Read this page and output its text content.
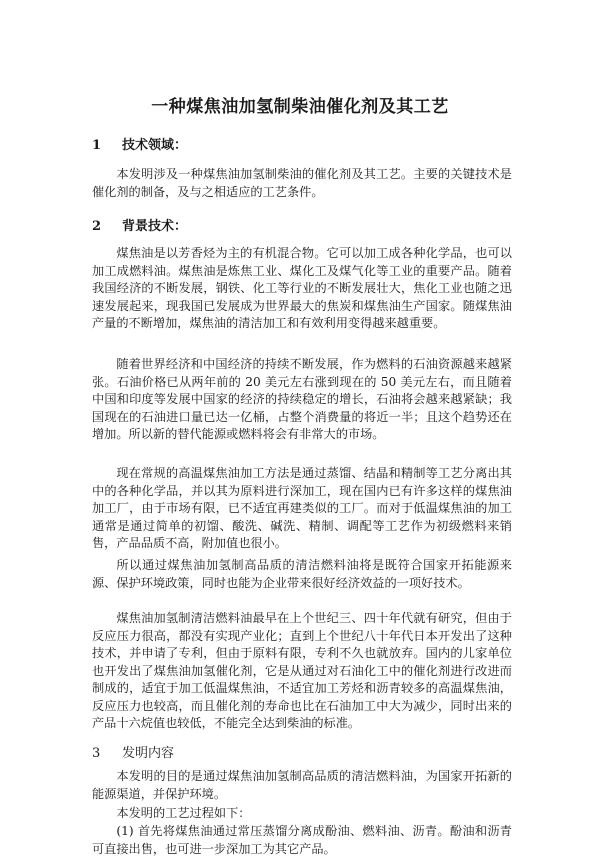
一种煤焦油加氢制柴油催化剂及其工艺
1 技术领域：

本发明涉及一种煤焦油加氢制柴油的催化剂及其工艺。主要的关键技术是催化剂的制备，及与之相适应的工艺条件。

2 背景技术：

煤焦油是以芳香烃为主的有机混合物。它可以加工成各种化学品，也可以加工成燃料油。煤焦油是炼焦工业、煤化工及煤气化等工业的重要产品。随着我国经济的不断发展，钢铁、化工等行业的不断发展壮大，焦化工业也随之迅速发展起来，现我国已发展成为世界最大的焦炭和煤焦油生产国家。随煤焦油产量的不断增加，煤焦油的清洁加工和有效利用变得越来越重要。

随着世界经济和中国经济的持续不断发展，作为燃料的石油资源越来越紧张。石油价格已从两年前的 20 美元左右涨到现在的 50 美元左右，而且随着中国和印度等发展中国家的经济的持续稳定的增长，石油将会越来越紧缺；我国现在的石油进口量已达一亿桶，占整个消费量的将近一半；且这个趋势还在增加。所以新的替代能源或燃料将会有非常大的市场。

现在常规的高温煤焦油加工方法是通过蒸馏、结晶和精制等工艺分离出其中的各种化学品，并以其为原料进行深加工，现在国内已有许多这样的煤焦油加工厂，由于市场有限，已不适宜再建类似的工厂。而对于低温煤焦油的加工通常是通过简单的初馏、酸洗、碱洗、精制、调配等工艺作为初级燃料来销售，产品品质不高，附加值也很小。

所以通过煤焦油加氢制高品质的清洁燃料油将是既符合国家开拓能源来源、保护环境政策，同时也能为企业带来很好经济效益的一项好技术。

煤焦油加氢制清洁燃料油最早在上个世纪三、四十年代就有研究，但由于反应压力很高，都没有实现产业化；直到上个世纪八十年代日本开发出了这种技术，并申请了专利，但由于原料有限，专利不久也就放弃。国内的儿家单位也开发出了煤焦油加氢催化剂，它是从通过对石油化工中的催化剂进行改进而制成的，适宜于加工低温煤焦油，不适宜加工芳烃和沥青较多的高温煤焦油，反应压力也较高，而且催化剂的寿命也比在石油加工中大为减少，同时出来的产品十六烷值也较低，不能完全达到柴油的标准。

3 发明内容

本发明的目的是通过煤焦油加氢制高品质的清洁燃料油，为国家开拓新的能源渠道，并保护环境。

本发明的工艺过程如下：

(1) 首先将煤焦油通过常压蒸馏分离成酚油、燃料油、沥青。酚油和沥青可直接出售，也可进一步深加工为其它产品。
